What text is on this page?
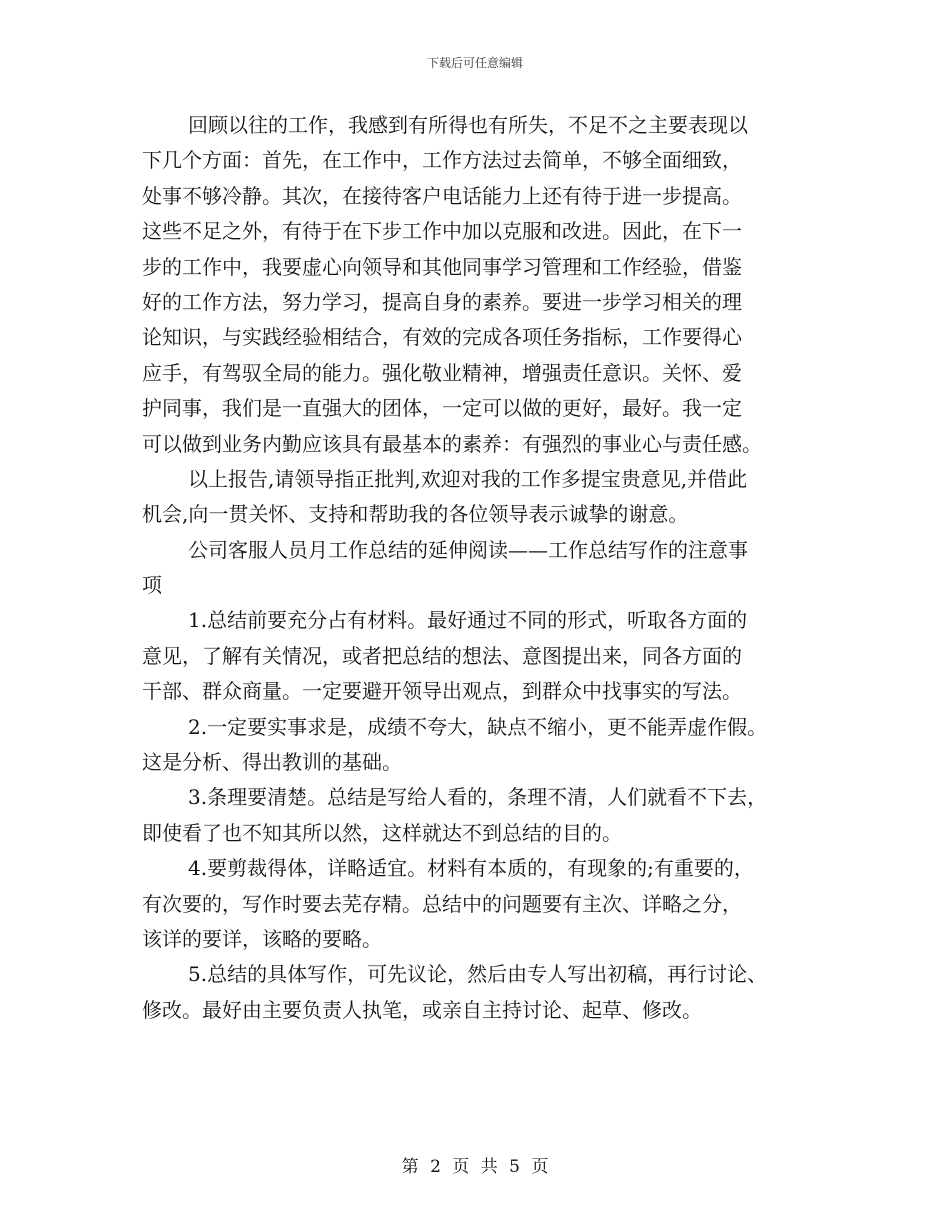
下载后可任意编辑
回顾以往的工作，我感到有所得也有所失，不足不之主要表现以
下几个方面：首先，在工作中，工作方法过去简单，不够全面细致，
处事不够冷静。其次，在接待客户电话能力上还有待于进一步提高。
这些不足之外，有待于在下步工作中加以克服和改进。因此，在下一
步的工作中，我要虚心向领导和其他同事学习管理和工作经验，借鉴
好的工作方法，努力学习，提高自身的素养。要进一步学习相关的理
论知识，与实践经验相结合，有效的完成各项任务指标，工作要得心
应手，有驾驭全局的能力。强化敬业精神，增强责任意识。关怀、爱
护同事，我们是一直强大的团体，一定可以做的更好，最好。我一定
可以做到业务内勤应该具有最基本的素养：有强烈的事业心与责任感。
以上报告,请领导指正批判,欢迎对我的工作多提宝贵意见,并借此
机会,向一贯关怀、支持和帮助我的各位领导表示诚挚的谢意。
公司客服人员月工作总结的延伸阅读——工作总结写作的注意事
项
1.总结前要充分占有材料。最好通过不同的形式，听取各方面的
意见，了解有关情况，或者把总结的想法、意图提出来，同各方面的
干部、群众商量。一定要避开领导出观点，到群众中找事实的写法。
2.一定要实事求是，成绩不夸大，缺点不缩小，更不能弄虚作假。
这是分析、得出教训的基础。
3.条理要清楚。总结是写给人看的，条理不清，人们就看不下去，
即使看了也不知其所以然，这样就达不到总结的目的。
4.要剪裁得体，详略适宜。材料有本质的，有现象的;有重要的，
有次要的，写作时要去芜存精。总结中的问题要有主次、详略之分，
该详的要详，该略的要略。
5.总结的具体写作，可先议论，然后由专人写出初稿，再行讨论、
修改。最好由主要负责人执笔，或亲自主持讨论、起草、修改。
第 2 页 共 5 页
